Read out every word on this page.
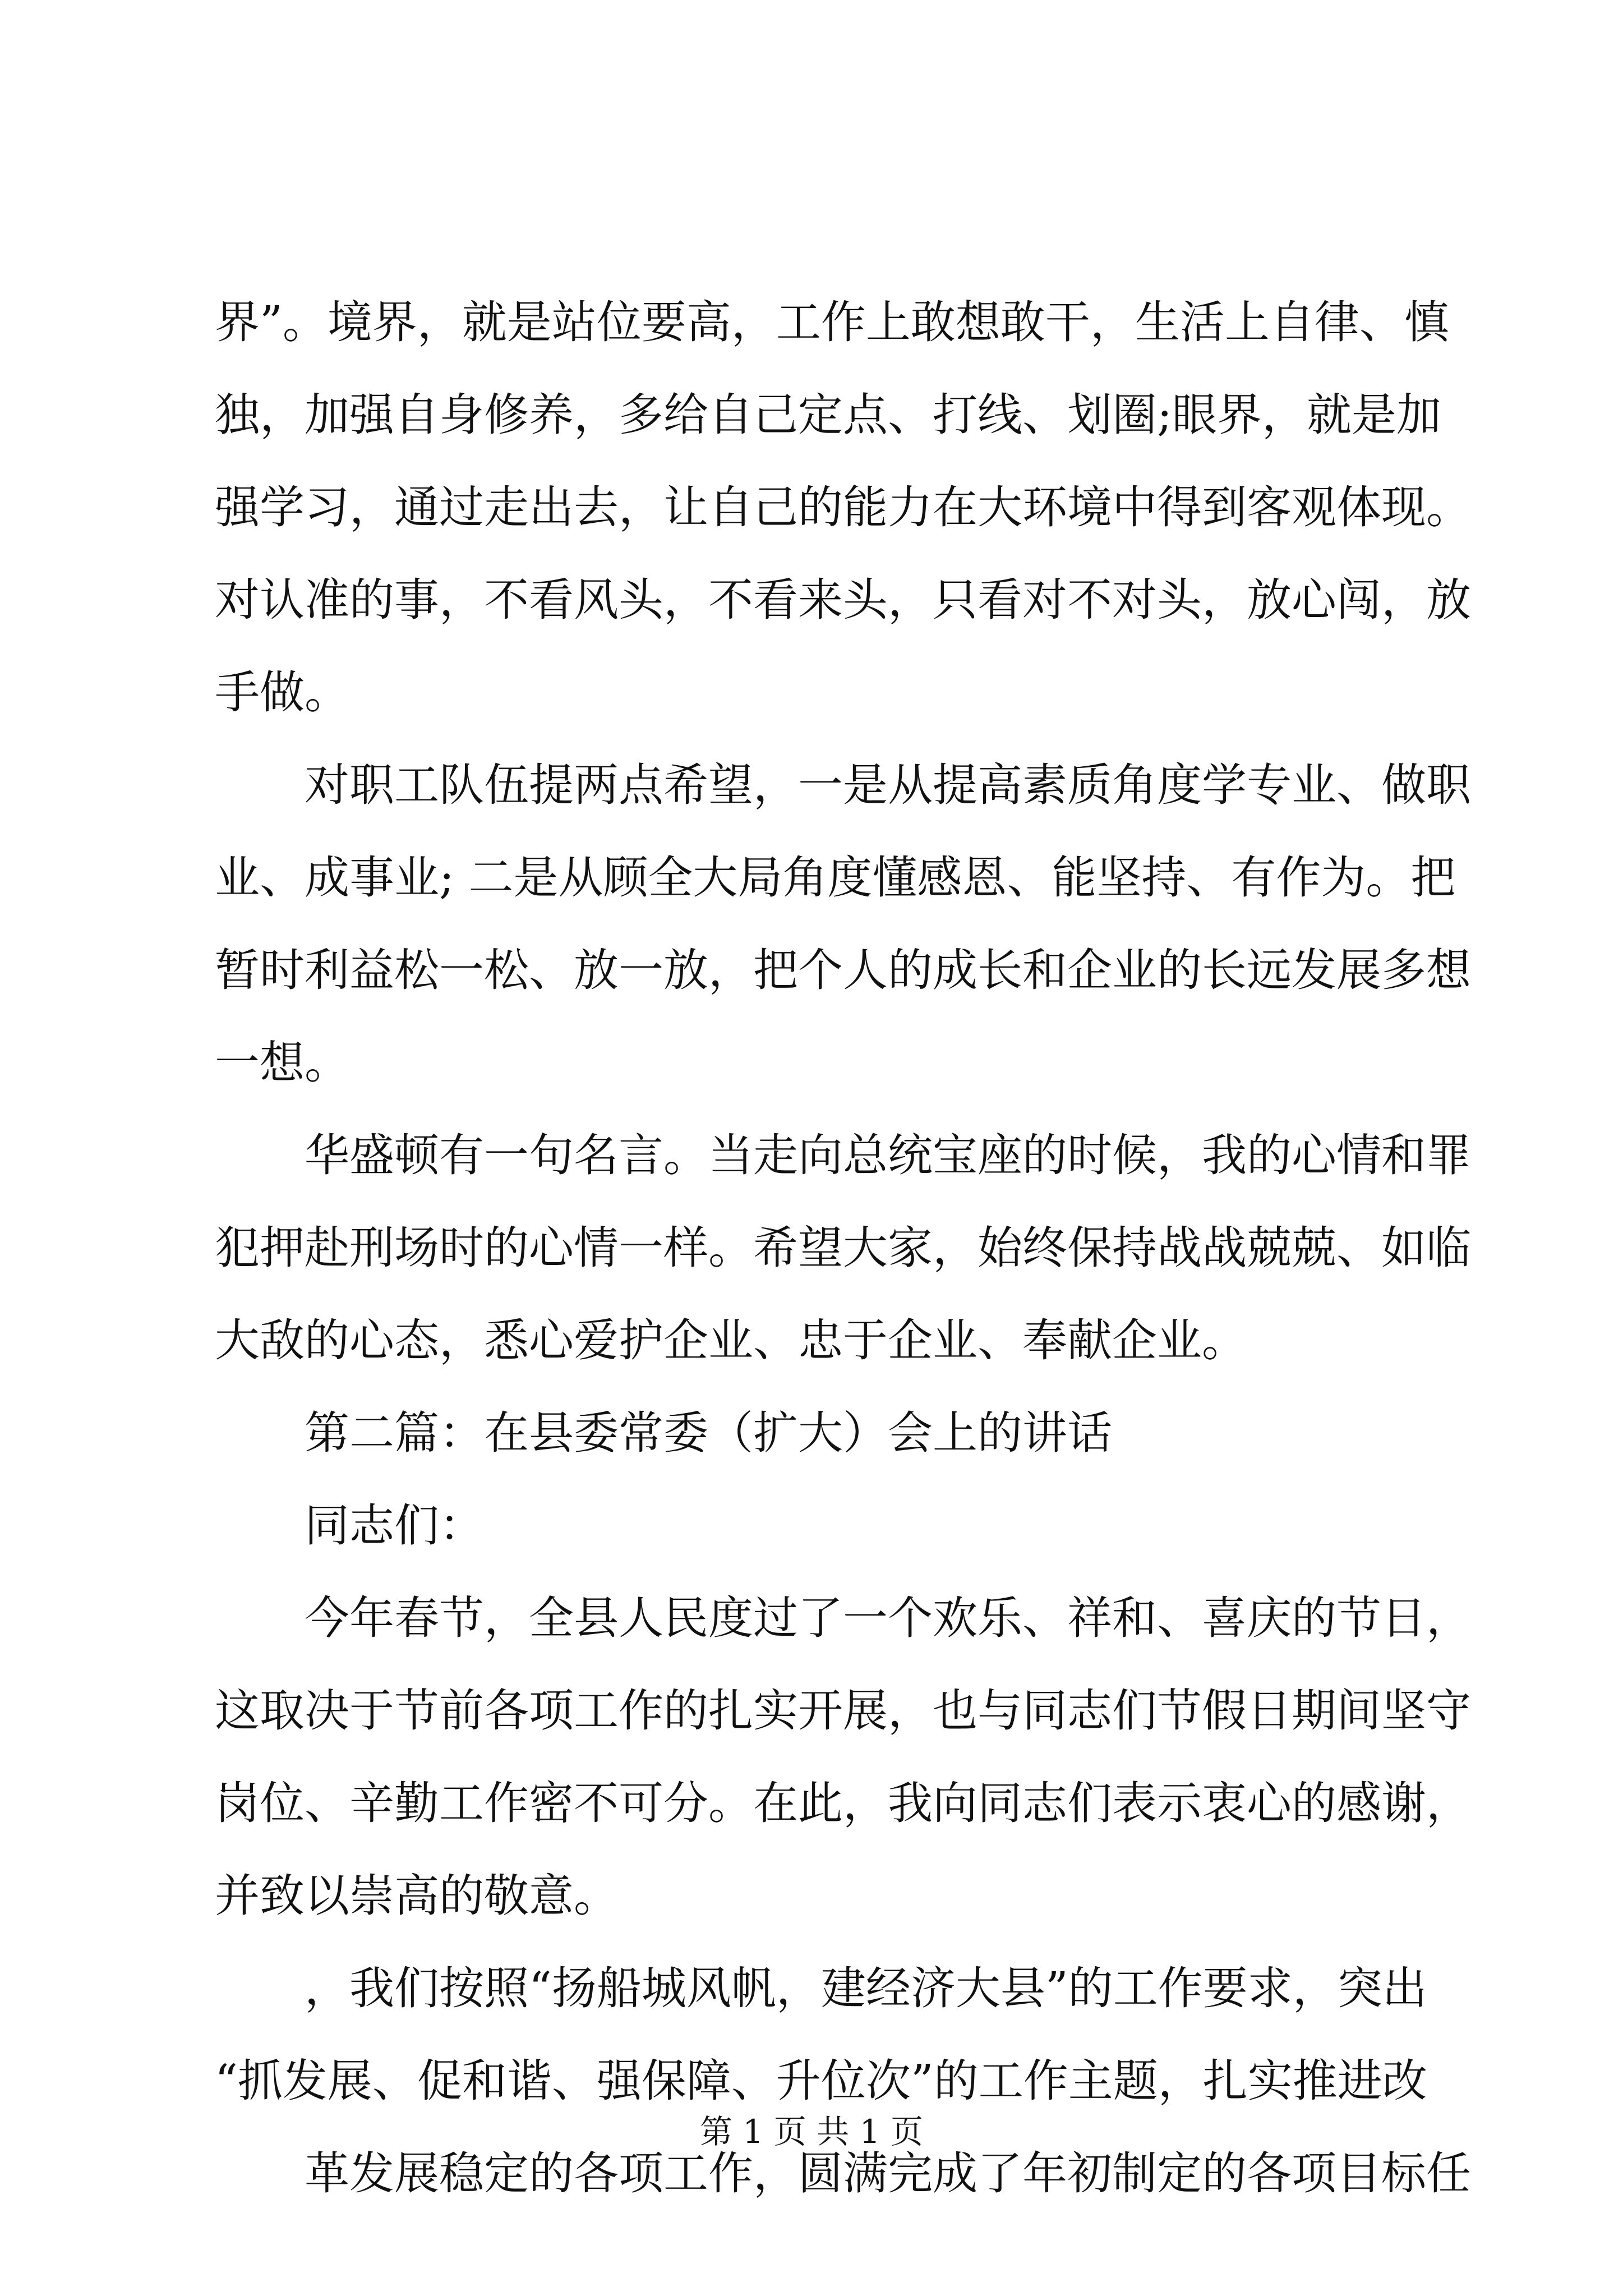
界”。境界，就是站位要高，工作上敢想敢干，生活上自律、慎
独，加强自身修养，多给自己定点、打线、划圈;眼界，就是加
强学习，通过走出去，让自己的能力在大环境中得到客观体现。
对认准的事，不看风头，不看来头，只看对不对头，放心闯，放
手做。
对职工队伍提两点希望，一是从提高素质角度学专业、做职
业、成事业; 二是从顾全大局角度懂感恩、能坚持、有作为。把
暂时利益松一松、放一放，把个人的成长和企业的长远发展多想
一想。
华盛顿有一句名言。当走向总统宝座的时候，我的心情和罪
犯押赴刑场时的心情一样。希望大家，始终保持战战兢兢、如临
大敌的心态，悉心爱护企业、忠于企业、奉献企业。
第二篇：在县委常委（扩大）会上的讲话
同志们：
今年春节，全县人民度过了一个欢乐、祥和、喜庆的节日，
这取决于节前各项工作的扎实开展，也与同志们节假日期间坚守
岗位、辛勤工作密不可分。在此，我向同志们表示衷心的感谢，
并致以崇高的敬意。
，我们按照“扬船城风帆，建经济大县”的工作要求，突出
“抓发展、促和谐、强保障、升位次”的工作主题，扎实推进改
革发展稳定的各项工作，圆满完成了年初制定的各项目标任
第 1 页 共 1 页
